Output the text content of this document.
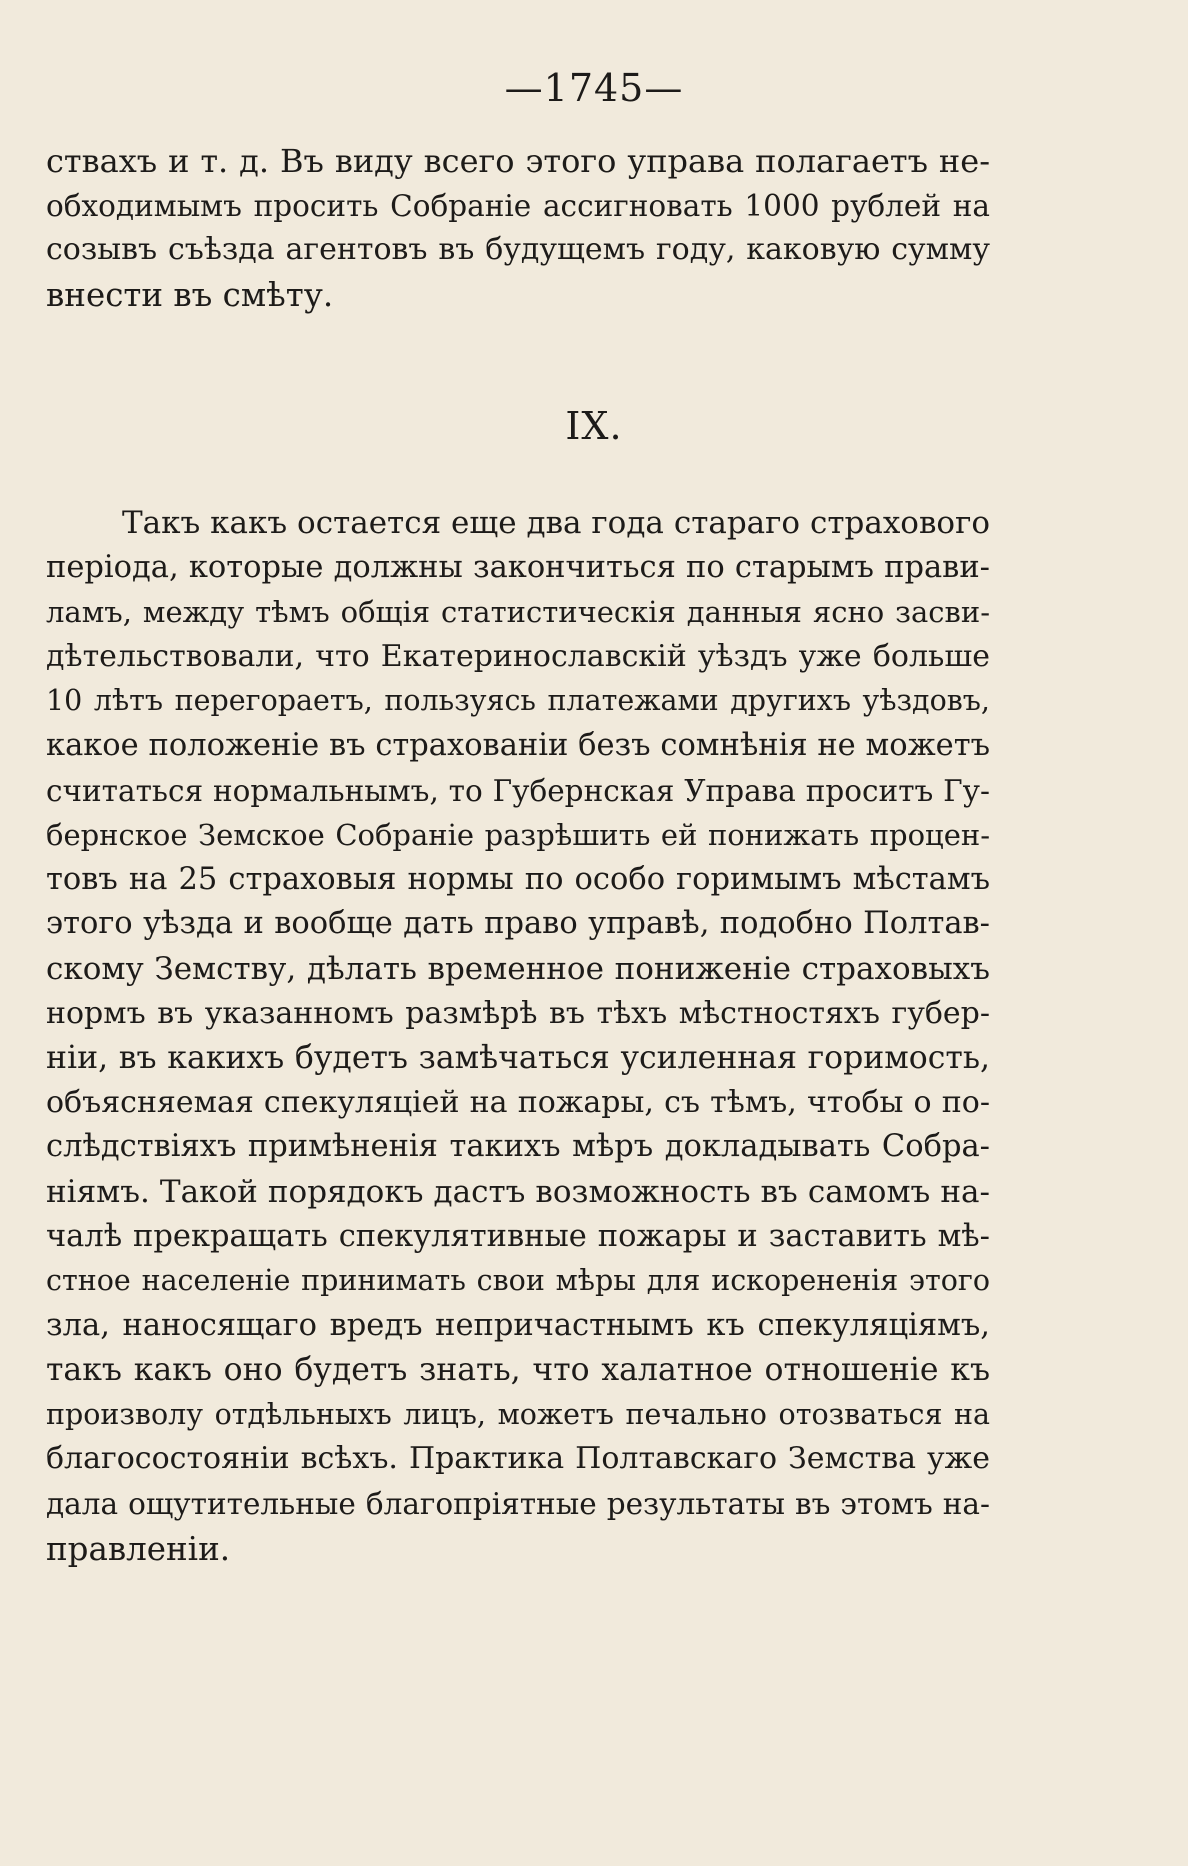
—1745—
ствахъ и т. д. Въ виду всего этого управа полагаетъ не-
обходимымъ просить Собраніе ассигновать 1000 рублей на
созывъ съѣзда агентовъ въ будущемъ году, каковую сумму
внести въ смѣту.
IX.
Такъ какъ остается еще два года стараго страхового
періода, которые должны закончиться по старымъ прави-
ламъ, между тѣмъ общія статистическія данныя ясно засви-
дѣтельствовали, что Екатеринославскій уѣздъ уже больше
10 лѣтъ перегораетъ, пользуясь платежами другихъ уѣздовъ,
какое положеніе въ страхованіи безъ сомнѣнія не можетъ
считаться нормальнымъ, то Губернская Управа проситъ Гу-
бернское Земское Собраніе разрѣшить ей понижать процен-
товъ на 25 страховыя нормы по особо горимымъ мѣстамъ
этого уѣзда и вообще дать право управѣ, подобно Полтав-
скому Земству, дѣлать временное пониженіе страховыхъ
нормъ въ указанномъ размѣрѣ въ тѣхъ мѣстностяхъ губер-
ніи, въ какихъ будетъ замѣчаться усиленная горимость,
объясняемая спекуляціей на пожары, съ тѣмъ, чтобы о по-
слѣдствіяхъ примѣненія такихъ мѣръ докладывать Собра-
ніямъ. Такой порядокъ дастъ возможность въ самомъ на-
чалѣ прекращать спекулятивные пожары и заставить мѣ-
стное населеніе принимать свои мѣры для искорененія этого
зла, наносящаго вредъ непричастнымъ къ спекуляціямъ,
такъ какъ оно будетъ знать, что халатное отношеніе къ
произволу отдѣльныхъ лицъ, можетъ печально отозваться на
благосостояніи всѣхъ. Практика Полтавскаго Земства уже
дала ощутительные благопріятные результаты въ этомъ на-
правленіи.
